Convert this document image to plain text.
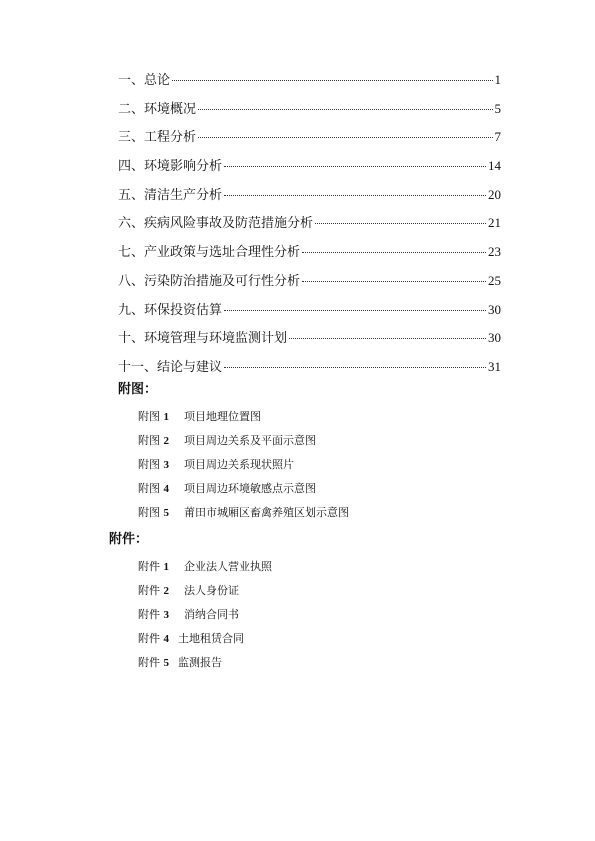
一、总论	1
二、环境概况	5
三、工程分析	7
四、环境影响分析	14
五、清洁生产分析	20
六、疾病风险事故及防范措施分析	21
七、产业政策与选址合理性分析	23
八、污染防治措施及可行性分析	25
九、环保投资估算	30
十、环境管理与环境监测计划	30
十一、结论与建议	31
附图：
附图 1	项目地理位置图
附图 2	项目周边关系及平面示意图
附图 3	项目周边关系现状照片
附图 4	项目周边环境敏感点示意图
附图 5	莆田市城厢区畜禽养殖区划示意图
附件：
附件 1	企业法人营业执照
附件 2	法人身份证
附件 3	消纳合同书
附件 4 土地租赁合同
附件 5 监测报告
